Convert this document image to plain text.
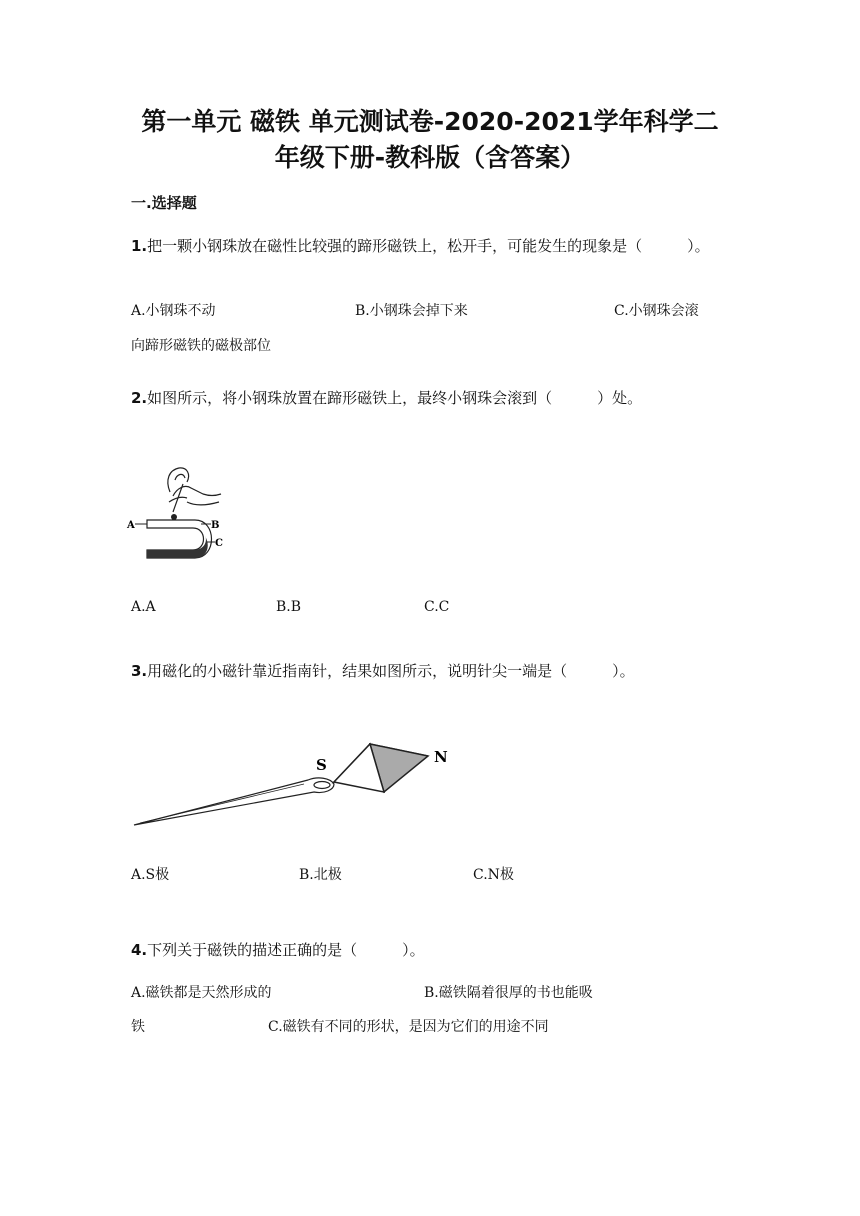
第一单元 磁铁 单元测试卷-2020-2021学年科学二
年级下册-教科版（含答案）
一.选择题
1.把一颗小钢珠放在磁性比较强的蹄形磁铁上，松开手，可能发生的现象是（　　　）。
A.小钢珠不动	B.小钢珠会掉下来	C.小钢珠会滚
向蹄形磁铁的磁极部位
2.如图所示，将小钢珠放置在蹄形磁铁上，最终小钢珠会滚到（　　　）处。
A	B
C
A.A	B.B	C.C
3.用磁化的小磁针靠近指南针，结果如图所示，说明针尖一端是（　　　）。
S	N
A.S极	B.北极	C.N极
4.下列关于磁铁的描述正确的是（　　　）。
A.磁铁都是天然形成的	B.磁铁隔着很厚的书也能吸
铁	C.磁铁有不同的形状，是因为它们的用途不同
